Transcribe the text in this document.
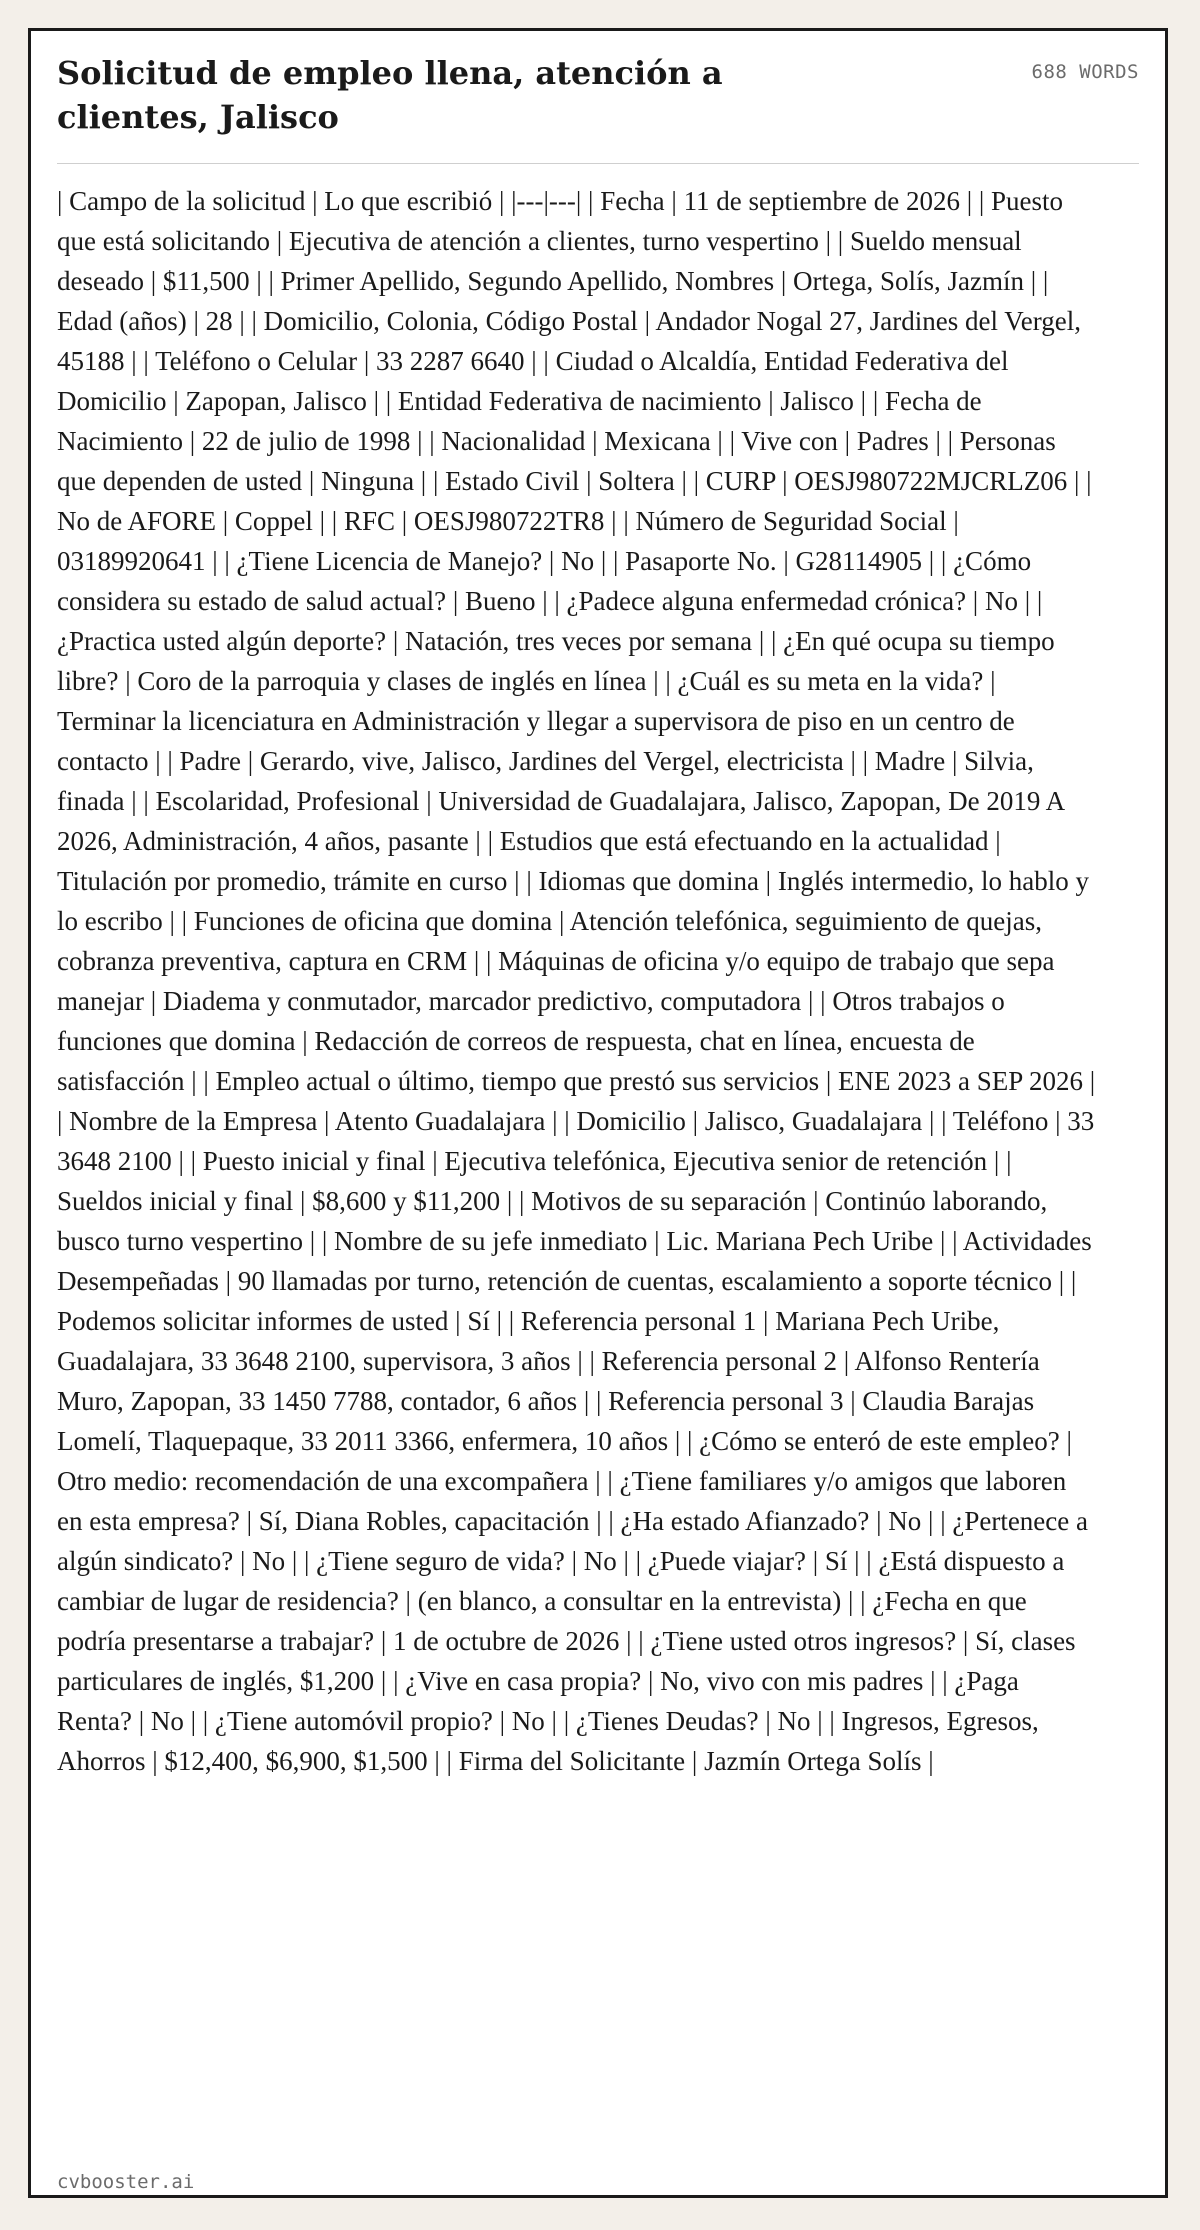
Solicitud de empleo llena, atención a clientes, Jalisco
688 WORDS

| Campo de la solicitud | Lo que escribió | |---|---| | Fecha | 11 de septiembre de 2026 | | Puesto que está solicitando | Ejecutiva de atención a clientes, turno vespertino | | Sueldo mensual deseado | $11,500 | | Primer Apellido, Segundo Apellido, Nombres | Ortega, Solís, Jazmín | | Edad (años) | 28 | | Domicilio, Colonia, Código Postal | Andador Nogal 27, Jardines del Vergel, 45188 | | Teléfono o Celular | 33 2287 6640 | | Ciudad o Alcaldía, Entidad Federativa del Domicilio | Zapopan, Jalisco | | Entidad Federativa de nacimiento | Jalisco | | Fecha de Nacimiento | 22 de julio de 1998 | | Nacionalidad | Mexicana | | Vive con | Padres | | Personas que dependen de usted | Ninguna | | Estado Civil | Soltera | | CURP | OESJ980722MJCRLZ06 | | No de AFORE | Coppel | | RFC | OESJ980722TR8 | | Número de Seguridad Social | 03189920641 | | ¿Tiene Licencia de Manejo? | No | | Pasaporte No. | G28114905 | | ¿Cómo considera su estado de salud actual? | Bueno | | ¿Padece alguna enfermedad crónica? | No | | ¿Practica usted algún deporte? | Natación, tres veces por semana | | ¿En qué ocupa su tiempo libre? | Coro de la parroquia y clases de inglés en línea | | ¿Cuál es su meta en la vida? | Terminar la licenciatura en Administración y llegar a supervisora de piso en un centro de contacto | | Padre | Gerardo, vive, Jalisco, Jardines del Vergel, electricista | | Madre | Silvia, finada | | Escolaridad, Profesional | Universidad de Guadalajara, Jalisco, Zapopan, De 2019 A 2026, Administración, 4 años, pasante | | Estudios que está efectuando en la actualidad | Titulación por promedio, trámite en curso | | Idiomas que domina | Inglés intermedio, lo hablo y lo escribo | | Funciones de oficina que domina | Atención telefónica, seguimiento de quejas, cobranza preventiva, captura en CRM | | Máquinas de oficina y/o equipo de trabajo que sepa manejar | Diadema y conmutador, marcador predictivo, computadora | | Otros trabajos o funciones que domina | Redacción de correos de respuesta, chat en línea, encuesta de satisfacción | | Empleo actual o último, tiempo que prestó sus servicios | ENE 2023 a SEP 2026 | | Nombre de la Empresa | Atento Guadalajara | | Domicilio | Jalisco, Guadalajara | | Teléfono | 33 3648 2100 | | Puesto inicial y final | Ejecutiva telefónica, Ejecutiva senior de retención | | Sueldos inicial y final | $8,600 y $11,200 | | Motivos de su separación | Continúo laborando, busco turno vespertino | | Nombre de su jefe inmediato | Lic. Mariana Pech Uribe | | Actividades Desempeñadas | 90 llamadas por turno, retención de cuentas, escalamiento a soporte técnico | | Podemos solicitar informes de usted | Sí | | Referencia personal 1 | Mariana Pech Uribe, Guadalajara, 33 3648 2100, supervisora, 3 años | | Referencia personal 2 | Alfonso Rentería Muro, Zapopan, 33 1450 7788, contador, 6 años | | Referencia personal 3 | Claudia Barajas Lomelí, Tlaquepaque, 33 2011 3366, enfermera, 10 años | | ¿Cómo se enteró de este empleo? | Otro medio: recomendación de una excompañera | | ¿Tiene familiares y/o amigos que laboren en esta empresa? | Sí, Diana Robles, capacitación | | ¿Ha estado Afianzado? | No | | ¿Pertenece a algún sindicato? | No | | ¿Tiene seguro de vida? | No | | ¿Puede viajar? | Sí | | ¿Está dispuesto a cambiar de lugar de residencia? | (en blanco, a consultar en la entrevista) | | ¿Fecha en que podría presentarse a trabajar? | 1 de octubre de 2026 | | ¿Tiene usted otros ingresos? | Sí, clases particulares de inglés, $1,200 | | ¿Vive en casa propia? | No, vivo con mis padres | | ¿Paga Renta? | No | | ¿Tiene automóvil propio? | No | | ¿Tienes Deudas? | No | | Ingresos, Egresos, Ahorros | $12,400, $6,900, $1,500 | | Firma del Solicitante | Jazmín Ortega Solís |

cvbooster.ai
